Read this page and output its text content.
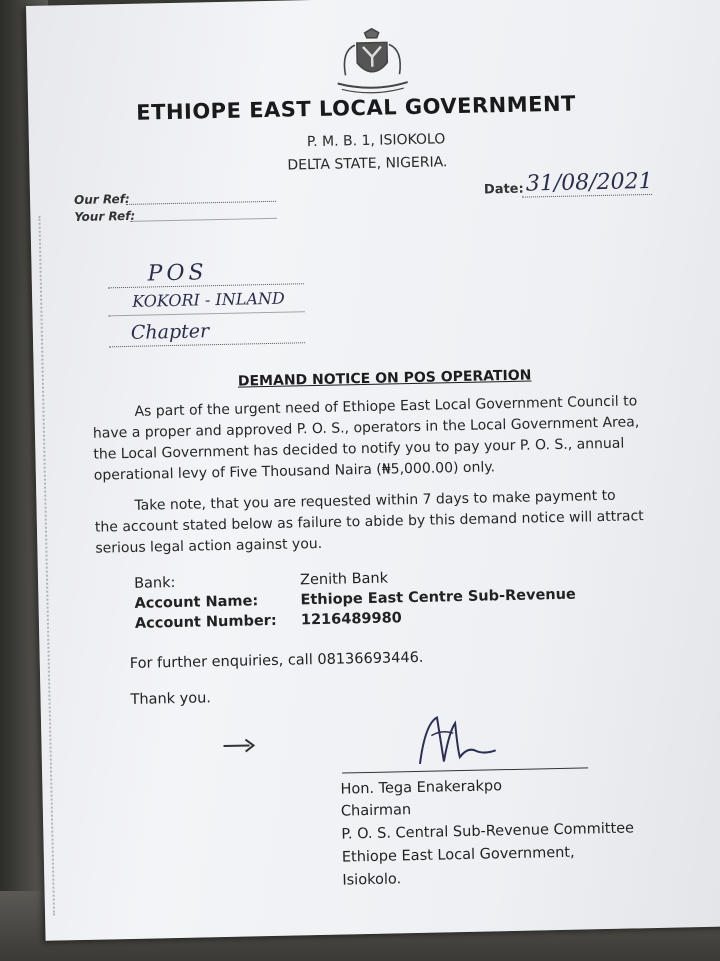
ETHIOPE EAST LOCAL GOVERNMENT
P. M. B. 1, ISIOKOLO
DELTA STATE, NIGERIA.
Our Ref:
Your Ref:
Date: 31/08/2021
POS
KOKORI - INLAND
Chapter
DEMAND NOTICE ON POS OPERATION
As part of the urgent need of Ethiope East Local Government Council to
have a proper and approved P. O. S., operators in the Local Government Area,
the Local Government has decided to notify you to pay your P. O. S., annual
operational levy of Five Thousand Naira (₦5,000.00) only.
Take note, that you are requested within 7 days to make payment to
the account stated below as failure to abide by this demand notice will attract
serious legal action against you.
Bank:	Zenith Bank
Account Name:	Ethiope East Centre Sub-Revenue
Account Number: 1216489980
For further enquiries, call 08136693446.
Thank you.
Hon. Tega Enakerakpo
Chairman
P. O. S. Central Sub-Revenue Committee
Ethiope East Local Government,
Isiokolo.
